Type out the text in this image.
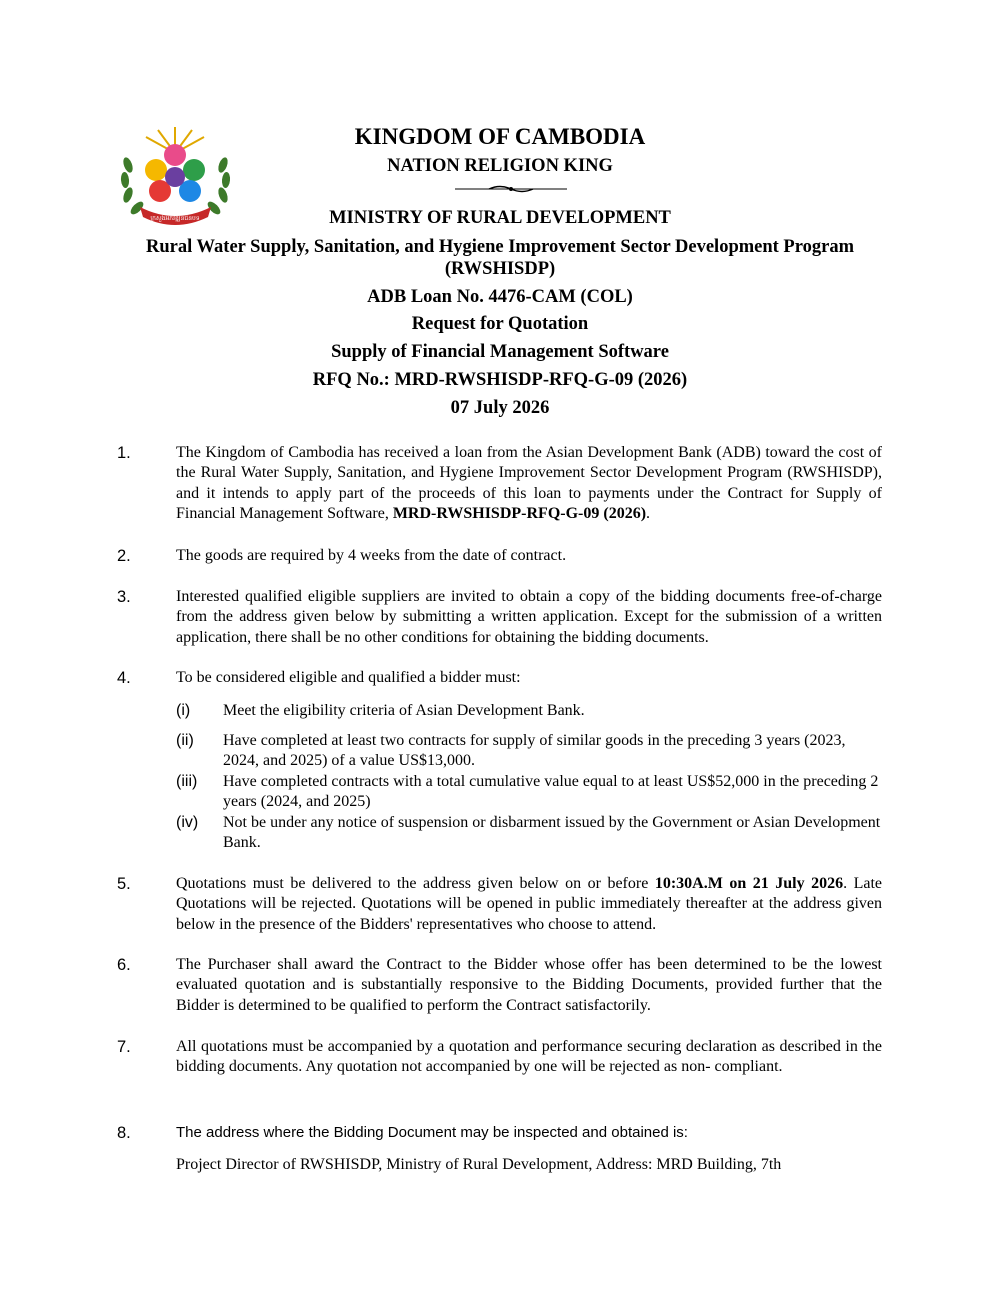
ក្រសួងអភិវឌ្ឍន៍ជនបទ
KINGDOM OF CAMBODIA
NATION RELIGION KING
MINISTRY OF RURAL DEVELOPMENT
Rural Water Supply, Sanitation, and Hygiene Improvement Sector Development Program (RWSHISDP)
ADB Loan No. 4476-CAM (COL)
Request for Quotation
Supply of Financial Management Software
RFQ No.: MRD-RWSHISDP-RFQ-G-09 (2026)
07 July 2026
1.	The Kingdom of Cambodia has received a loan from the Asian Development Bank (ADB) toward the cost of the Rural Water Supply, Sanitation, and Hygiene Improvement Sector Development Program (RWSHISDP), and it intends to apply part of the proceeds of this loan to payments under the Contract for Supply of Financial Management Software, MRD-RWSHISDP-RFQ-G-09 (2026).
2.	The goods are required by 4 weeks from the date of contract.
3.	Interested qualified eligible suppliers are invited to obtain a copy of the bidding documents free-of-charge from the address given below by submitting a written application. Except for the submission of a written application, there shall be no other conditions for obtaining the bidding documents.
4.	To be considered eligible and qualified a bidder must:
(i) Meet the eligibility criteria of Asian Development Bank.
(ii) Have completed at least two contracts for supply of similar goods in the preceding 3 years (2023, 2024, and 2025) of a value US$13,000.
(iii) Have completed contracts with a total cumulative value equal to at least US$52,000 in the preceding 2 years (2024, and 2025)
(iv) Not be under any notice of suspension or disbarment issued by the Government or Asian Development Bank.
5.	Quotations must be delivered to the address given below on or before 10:30A.M on 21 July 2026. Late Quotations will be rejected. Quotations will be opened in public immediately thereafter at the address given below in the presence of the Bidders' representatives who choose to attend.
6.	The Purchaser shall award the Contract to the Bidder whose offer has been determined to be the lowest evaluated quotation and is substantially responsive to the Bidding Documents, provided further that the Bidder is determined to be qualified to perform the Contract satisfactorily.
7.	All quotations must be accompanied by a quotation and performance securing declaration as described in the bidding documents. Any quotation not accompanied by one will be rejected as non- compliant.
8.	The address where the Bidding Document may be inspected and obtained is:
Project Director of RWSHISDP, Ministry of Rural Development, Address: MRD Building, 7th
